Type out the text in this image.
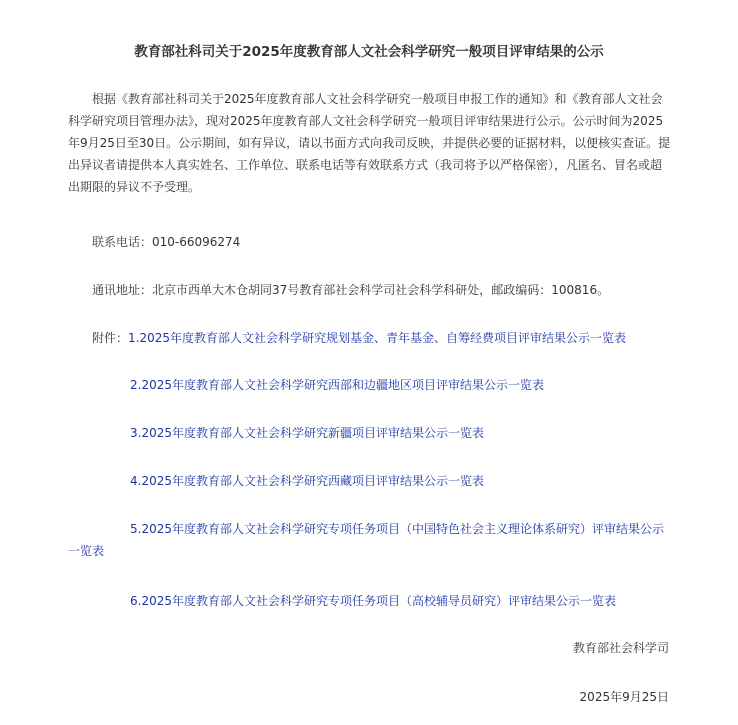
教育部社科司关于2025年度教育部人文社会科学研究一般项目评审结果的公示

根据《教育部社科司关于2025年度教育部人文社会科学研究一般项目申报工作的通知》和《教育部人文社会科学研究项目管理办法》，现对2025年度教育部人文社会科学研究一般项目评审结果进行公示。公示时间为2025年9月25日至30日。公示期间，如有异议，请以书面方式向我司反映，并提供必要的证据材料，以便核实查证。提出异议者请提供本人真实姓名、工作单位、联系电话等有效联系方式（我司将予以严格保密），凡匿名、冒名或超出期限的异议不予受理。

联系电话：010-66096274
通讯地址：北京市西单大木仓胡同37号教育部社会科学司社会科学科研处，邮政编码：100816。
附件：1.2025年度教育部人文社会科学研究规划基金、青年基金、自筹经费项目评审结果公示一览表
2.2025年度教育部人文社会科学研究西部和边疆地区项目评审结果公示一览表
3.2025年度教育部人文社会科学研究新疆项目评审结果公示一览表
4.2025年度教育部人文社会科学研究西藏项目评审结果公示一览表

5.2025年度教育部人文社会科学研究专项任务项目（中国特色社会主义理论体系研究）评审结果公示一览表

6.2025年度教育部人文社会科学研究专项任务项目（高校辅导员研究）评审结果公示一览表
教育部社会科学司
2025年9月25日
